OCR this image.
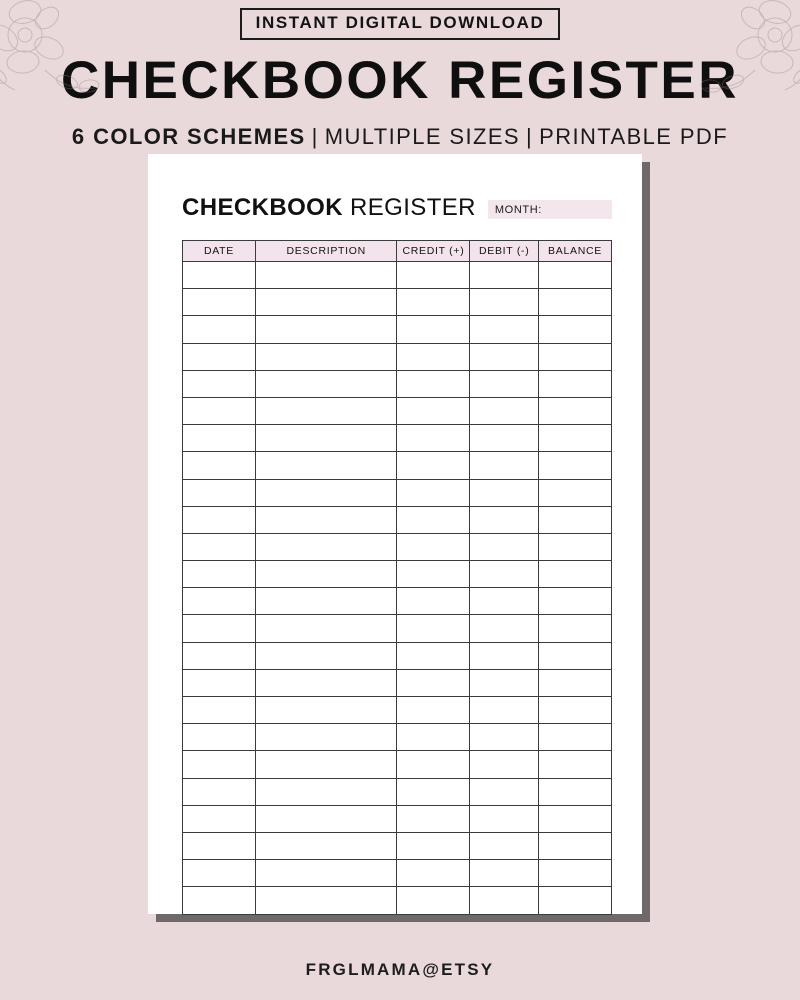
INSTANT DIGITAL DOWNLOAD
CHECKBOOK REGISTER
6 COLOR SCHEMES | MULTIPLE SIZES | PRINTABLE PDF
CHECKBOOK REGISTER MONTH:
DATE	DESCRIPTION	CREDIT (+)	DEBIT (-)	BALANCE

FRGLMAMA@ETSY
